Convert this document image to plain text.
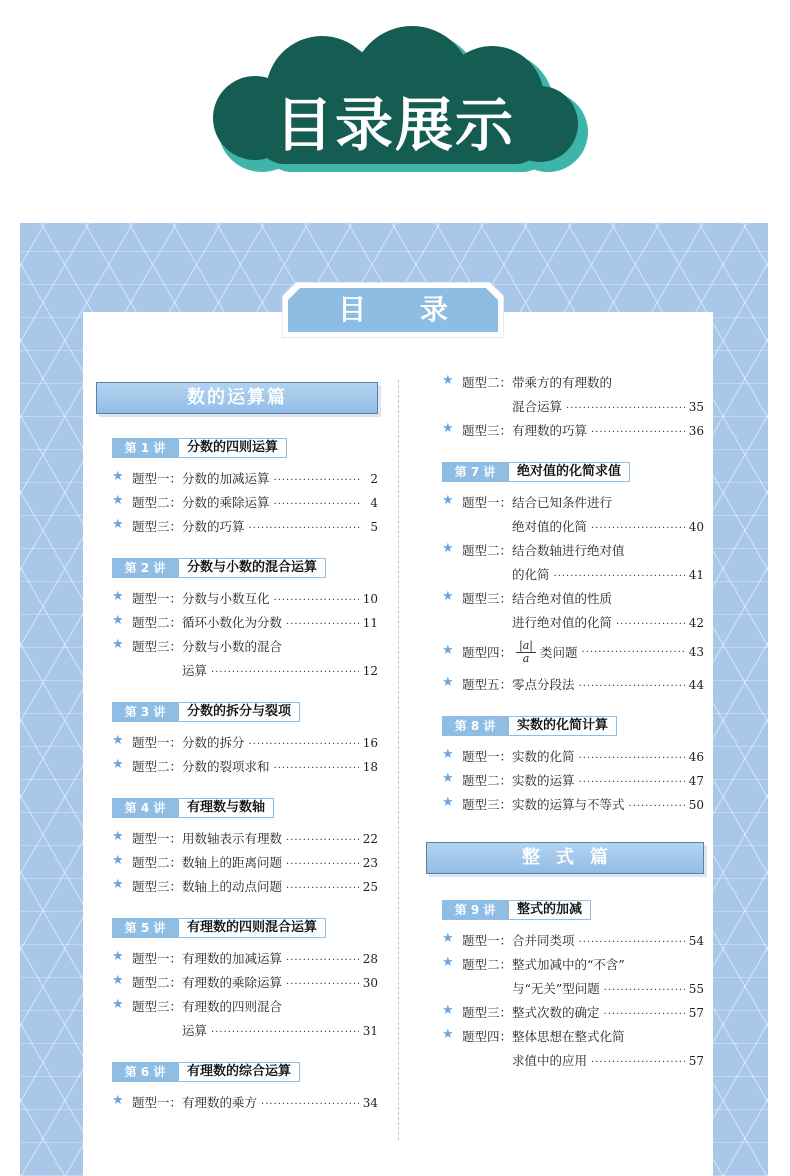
目录展示
目 录
数的运算篇
第 1 讲	分数的四则运算
★ 题型一：分数的加减运算 ·····	2
★ 题型二：分数的乘除运算 ·····	4
★ 题型三：分数的巧算 ·····	5
第 2 讲	分数与小数的混合运算
★ 题型一：分数与小数互化 ·····	10
★ 题型二：循环小数化为分数 ·····	11
★ 题型三：分数与小数的混合
运算 ·····	12
第 3 讲	分数的拆分与裂项
★ 题型一：分数的拆分 ·····	16
★ 题型二：分数的裂项求和 ·····	18
第 4 讲	有理数与数轴
★ 题型一：用数轴表示有理数 ·····	22
★ 题型二：数轴上的距离问题 ·····	23
★ 题型三：数轴上的动点问题 ·····	25
第 5 讲	有理数的四则混合运算
★ 题型一：有理数的加减运算 ·····	28
★ 题型二：有理数的乘除运算 ·····	30
★ 题型三：有理数的四则混合
运算 ·····	31
第 6 讲	有理数的综合运算
★ 题型一：有理数的乘方 ·····	34
★ 题型二：带乘方的有理数的
混合运算 ·····	35
★ 题型三：有理数的巧算 ·····	36
第 7 讲	绝对值的化简求值
★ 题型一：结合已知条件进行
绝对值的化简 ·····	40
★ 题型二：结合数轴进行绝对值
的化简 ·····	41
★ 题型三：结合绝对值的性质
进行绝对值的化简 ·····	42
★ 题型四： $\frac{|a|}{a}$ 类问题 ·····	43
★ 题型五：零点分段法 ·····	44
第 8 讲	实数的化简计算
★ 题型一：实数的化简 ·····	46
★ 题型二：实数的运算 ·····	47
★ 题型三：实数的运算与不等式 ·····	50
整式篇
第 9 讲	整式的加减
★ 题型一：合并同类项 ·····	54
★ 题型二：整式加减中的“不含”
与“无关”型问题 ·····	55
★ 题型三：整式次数的确定 ·····	57
★ 题型四：整体思想在整式化简
求值中的应用 ·····	57
